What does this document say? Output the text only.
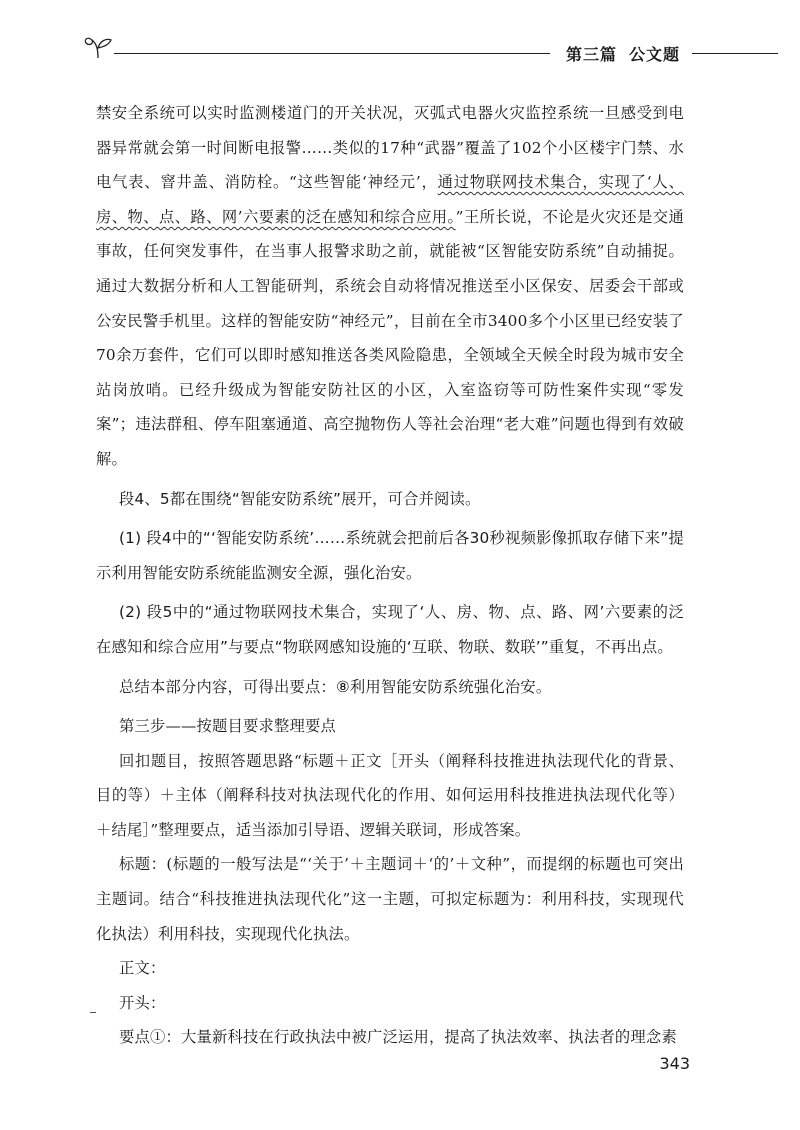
第三篇 公文题

禁安全系统可以实时监测楼道门的开关状况，灭弧式电器火灾监控系统一旦感受到电器异常就会第一时间断电报警……类似的17种“武器”覆盖了102个小区楼宇门禁、水电气表、窨井盖、消防栓。“这些智能‘神经元’，通过物联网技术集合，实现了‘人、房、物、点、路、网’六要素的泛在感知和综合应用。”王所长说，不论是火灾还是交通事故，任何突发事件，在当事人报警求助之前，就能被“区智能安防系统”自动捕捉。通过大数据分析和人工智能研判，系统会自动将情况推送至小区保安、居委会干部或公安民警手机里。这样的智能安防“神经元”，目前在全市3400多个小区里已经安装了70余万套件，它们可以即时感知推送各类风险隐患，全领域全天候全时段为城市安全站岗放哨。已经升级成为智能安防社区的小区，入室盗窃等可防性案件实现“零发案”；违法群租、停车阻塞通道、高空抛物伤人等社会治理“老大难”问题也得到有效破解。

段4、5都在围绕“智能安防系统”展开，可合并阅读。

(1) 段4中的“‘智能安防系统’……系统就会把前后各30秒视频影像抓取存储下来”提示利用智能安防系统能监测安全源，强化治安。

(2) 段5中的“通过物联网技术集合，实现了‘人、房、物、点、路、网’六要素的泛在感知和综合应用”与要点“物联网感知设施的‘互联、物联、数联’”重复，不再出点。

总结本部分内容，可得出要点：⑧利用智能安防系统强化治安。

第三步——按题目要求整理要点

回扣题目，按照答题思路“标题＋正文［开头（阐释科技推进执法现代化的背景、目的等）＋主体（阐释科技对执法现代化的作用、如何运用科技推进执法现代化等）＋结尾］”整理要点，适当添加引导语、逻辑关联词，形成答案。

标题：(标题的一般写法是“‘关于’＋主题词＋‘的’＋文种”，而提纲的标题也可突出主题词。结合“科技推进执法现代化”这一主题，可拟定标题为：利用科技，实现现代化执法）利用科技，实现现代化执法。

正文：

开头：

要点①：大量新科技在行政执法中被广泛运用，提高了执法效率、执法者的理念素

343
